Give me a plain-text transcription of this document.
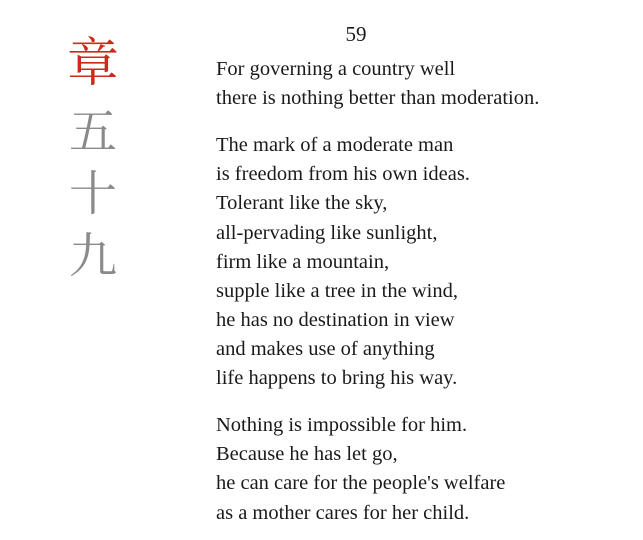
章
五
十
九
59
For governing a country well
there is nothing better than moderation.
The mark of a moderate man
is freedom from his own ideas.
Tolerant like the sky,
all-pervading like sunlight,
firm like a mountain,
supple like a tree in the wind,
he has no destination in view
and makes use of anything
life happens to bring his way.
Nothing is impossible for him.
Because he has let go,
he can care for the people's welfare
as a mother cares for her child.
